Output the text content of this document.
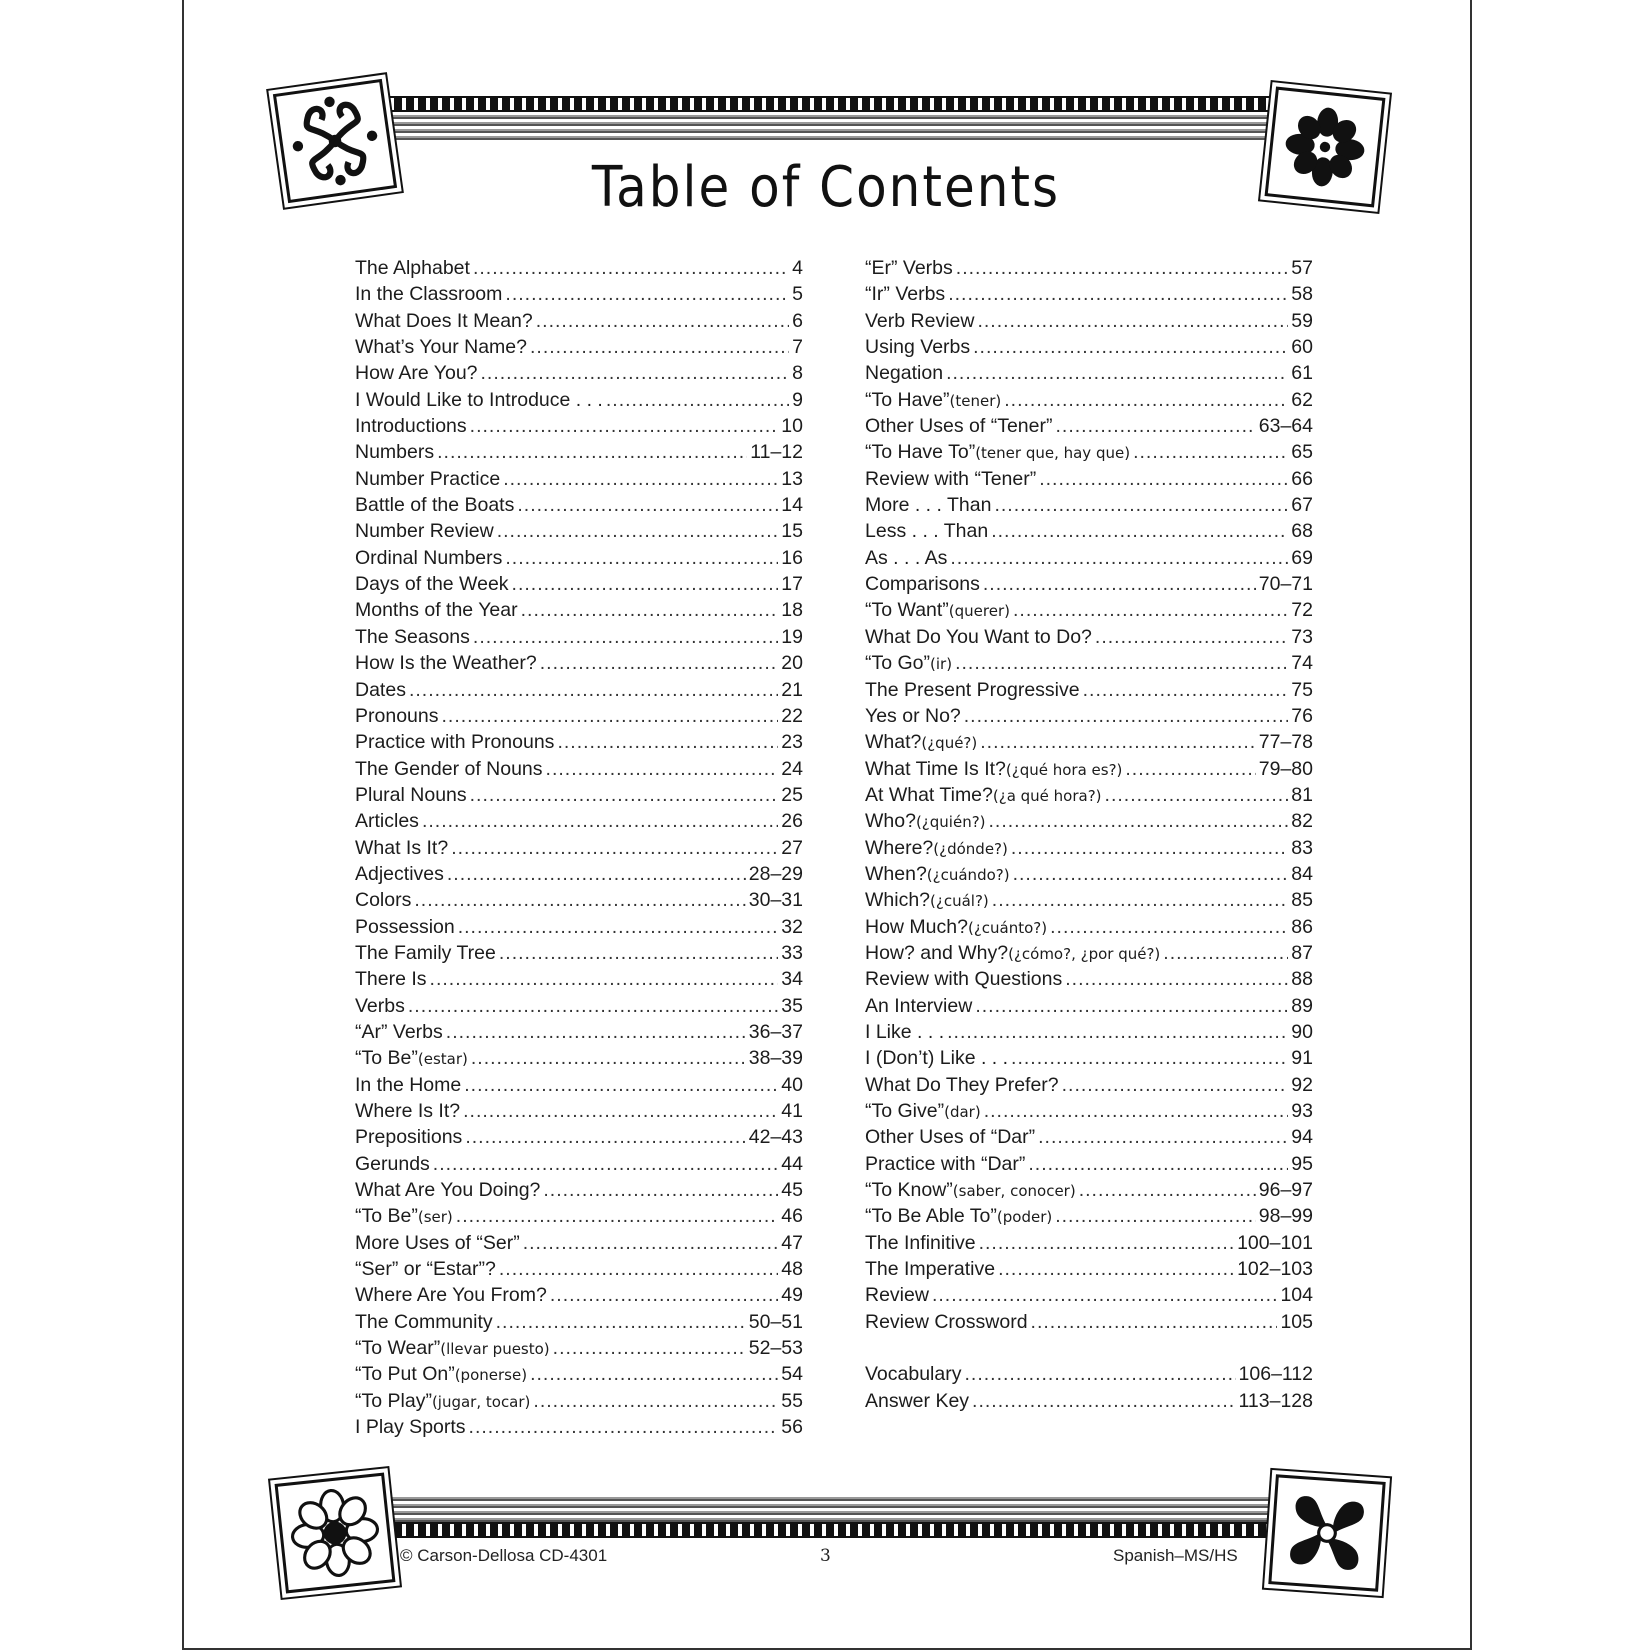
Table of Contents
The Alphabet .....	4
In the Classroom .....	5
What Does It Mean? .....	6
What’s Your Name? .....	7
How Are You? .....	8
I Would Like to Introduce . . . .....	9
Introductions .....	10
Numbers .....	11–12
Number Practice .....	13
Battle of the Boats .....	14
Number Review .....	15
Ordinal Numbers .....	16
Days of the Week .....	17
Months of the Year .....	18
The Seasons .....	19
How Is the Weather? .....	20
Dates .....	21
Pronouns .....	22
Practice with Pronouns .....	23
The Gender of Nouns .....	24
Plural Nouns .....	25
Articles .....	26
What Is It? .....	27
Adjectives .....	28–29
Colors .....	30–31
Possession .....	32
The Family Tree .....	33
There Is .....	34
Verbs .....	35
“Ar” Verbs .....	36–37
“To Be” (estar) .....	38–39
In the Home .....	40
Where Is It? .....	41
Prepositions .....	42–43
Gerunds .....	44
What Are You Doing? .....	45
“To Be” (ser) .....	46
More Uses of “Ser” .....	47
“Ser” or “Estar”? .....	48
Where Are You From? .....	49
The Community .....	50–51
“To Wear” (llevar puesto) .....	52–53
“To Put On” (ponerse) .....	54
“To Play” (jugar, tocar) .....	55
I Play Sports .....	56
“Er” Verbs .....	57
“Ir” Verbs .....	58
Verb Review .....	59
Using Verbs .....	60
Negation .....	61
“To Have” (tener) .....	62
Other Uses of “Tener” .....	63–64
“To Have To” (tener que, hay que) .....	65
Review with “Tener” .....	66
More . . . Than .....	67
Less . . . Than .....	68
As . . . As .....	69
Comparisons .....	70–71
“To Want” (querer) .....	72
What Do You Want to Do? .....	73
“To Go” (ir) .....	74
The Present Progressive .....	75
Yes or No? .....	76
What? (¿qué?) .....	77–78
What Time Is It? (¿qué hora es?) .....	79–80
At What Time? (¿a qué hora?) .....	81
Who? (¿quién?) .....	82
Where? (¿dónde?) .....	83
When? (¿cuándo?) .....	84
Which? (¿cuál?) .....	85
How Much? (¿cuánto?) .....	86
How? and Why? (¿cómo?, ¿por qué?) .....	87
Review with Questions .....	88
An Interview .....	89
I Like . . . .....	90
I (Don’t) Like . . . .....	91
What Do They Prefer? .....	92
“To Give” (dar) .....	93
Other Uses of “Dar” .....	94
Practice with “Dar” .....	95
“To Know” (saber, conocer) .....	96–97
“To Be Able To” (poder) .....	98–99
The Infinitive .....	100–101
The Imperative .....	102–103
Review .....	104
Review Crossword .....	105
Vocabulary .....	106–112
Answer Key .....	113–128
© Carson-Dellosa CD-4301	3	Spanish–MS/HS
